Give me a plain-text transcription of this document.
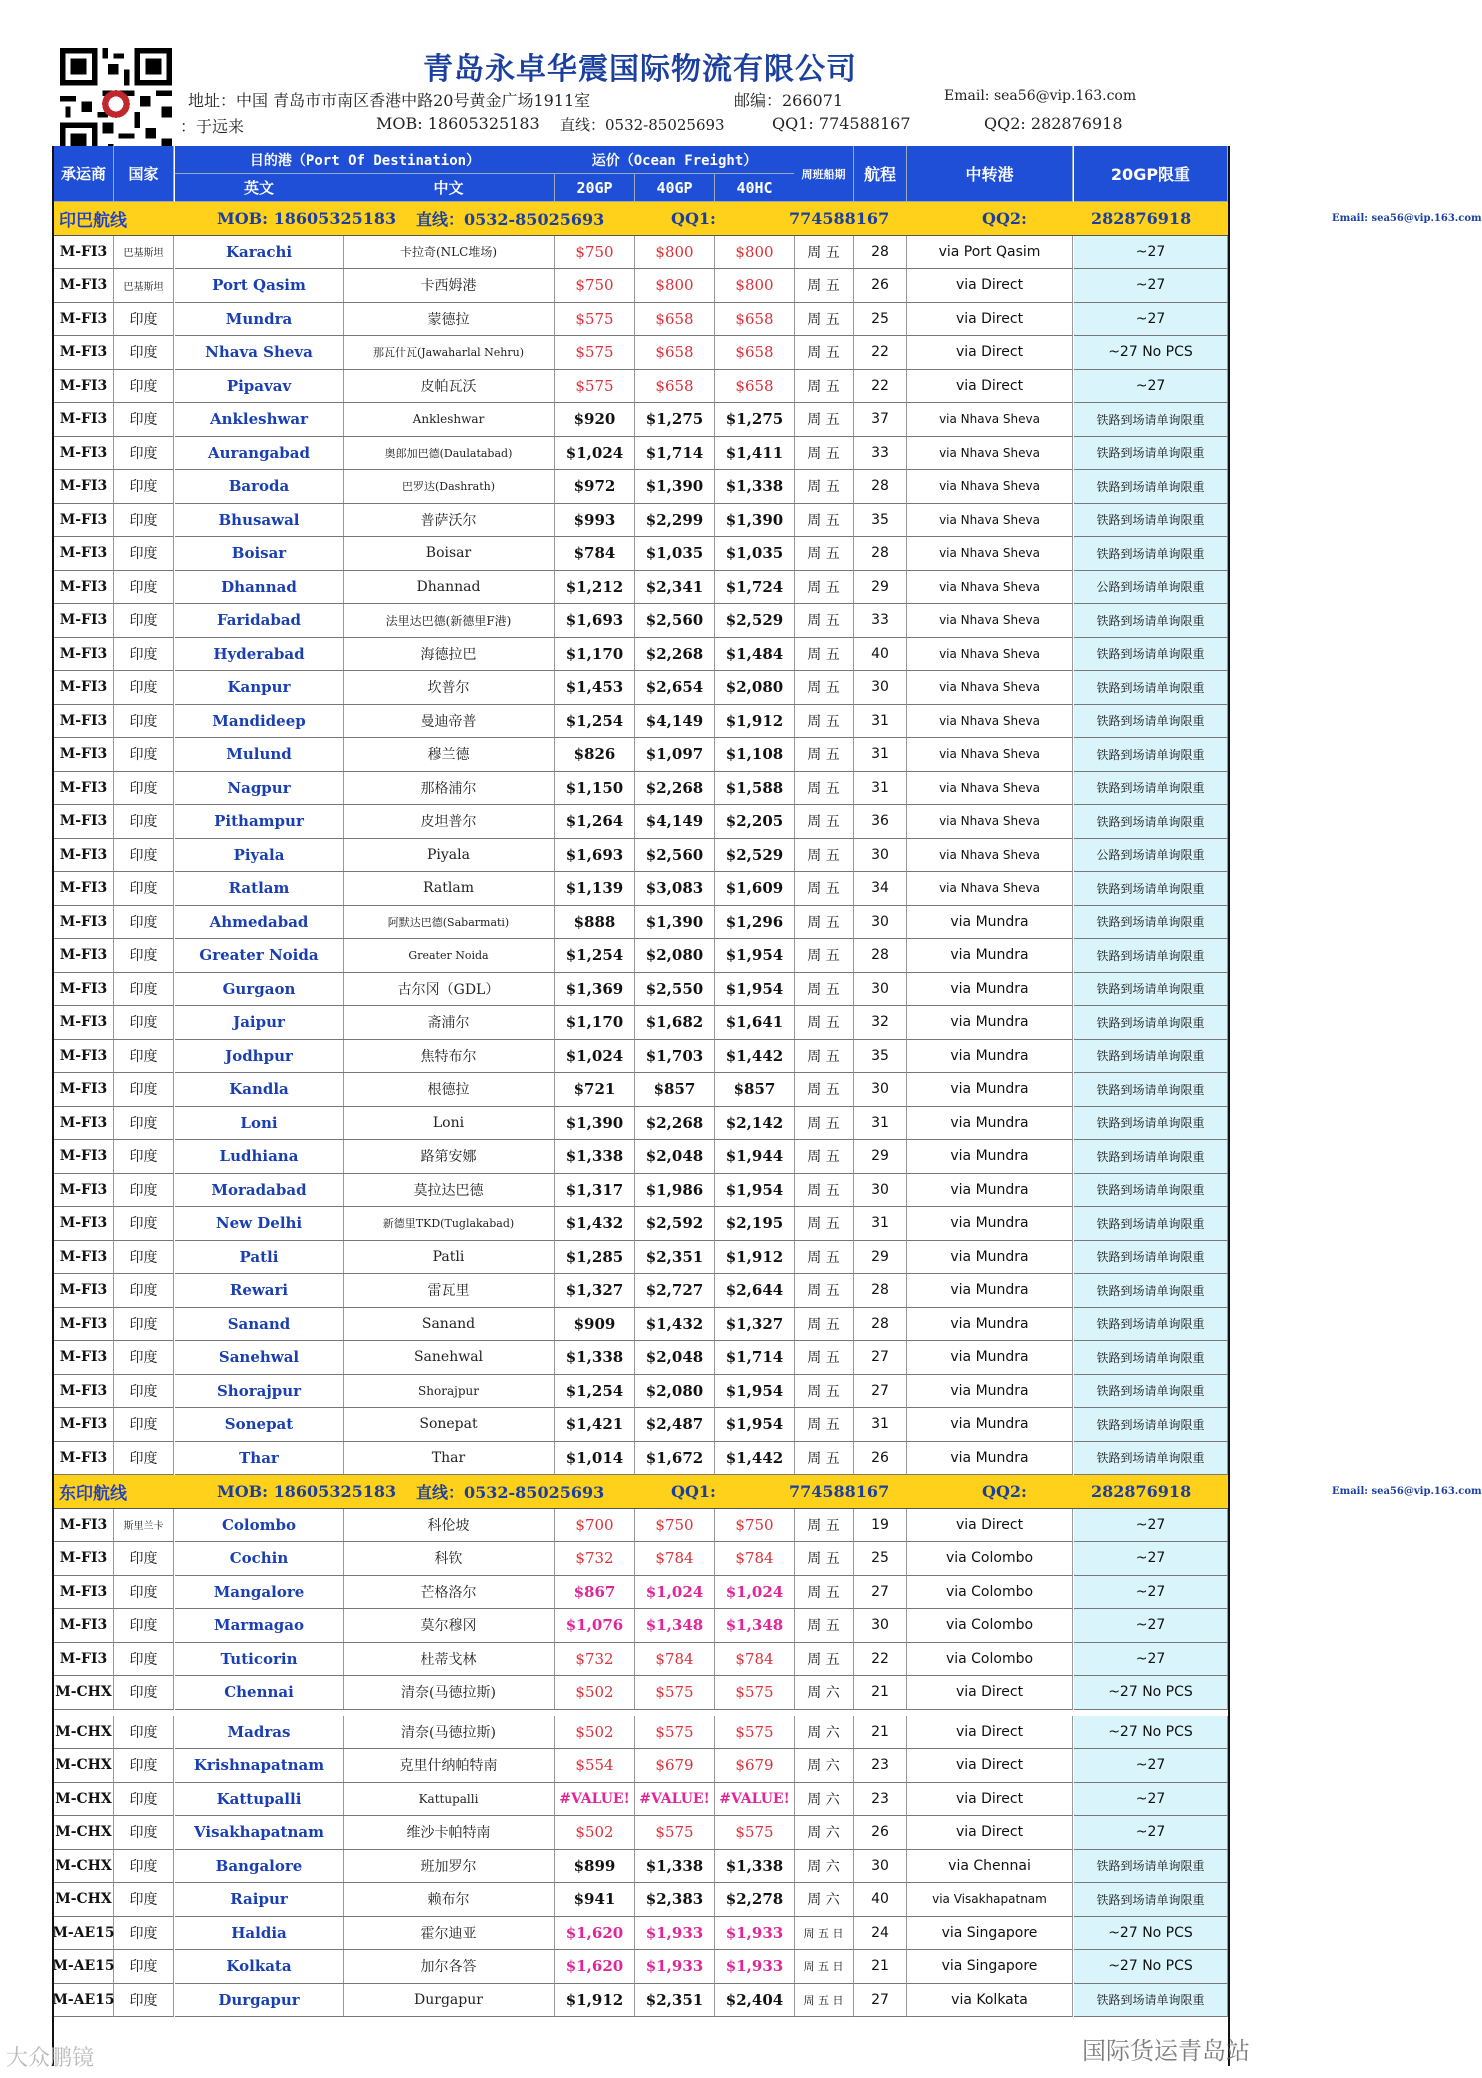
青岛永卓华震国际物流有限公司
地址：中国 青岛市市南区香港中路20号黄金广场1911室	邮编：266071	Email: sea56@vip.163.com
：于远来	MOB: 18605325183 直线：0532-85025693	QQ1: 774588167	QQ2: 282876918
承运商	国家
目的港（Port Of Destination）	运价（Ocean Freight）
英文	中文	20GP	40GP	40HC
周班船期	航程	中转港	20GP限重
印巴航线	MOB: 18605325183 直线：0532-85025693	QQ1:	774588167	QQ2:	282876918	Email: sea56@vip.163.com
M-FI3	巴基斯坦	Karachi	卡拉奇(NLC堆场)	$750	$800	$800	周 五	28	via Port Qasim	~27
M-FI3	巴基斯坦	Port Qasim	卡西姆港	$750	$800	$800	周 五	26	via Direct	~27
M-FI3	印度	Mundra	蒙德拉	$575	$658	$658	周 五	25	via Direct	~27
M-FI3	印度	Nhava Sheva	那瓦什瓦(Jawaharlal Nehru)	$575	$658	$658	周 五	22	via Direct	~27 No PCS
M-FI3	印度	Pipavav	皮帕瓦沃	$575	$658	$658	周 五	22	via Direct	~27
M-FI3	印度	Ankleshwar	Ankleshwar	$920	$1,275	$1,275	周 五	37	via Nhava Sheva	铁路到场请单询限重
M-FI3	印度	Aurangabad	奥郎加巴德(Daulatabad)	$1,024	$1,714	$1,411	周 五	33	via Nhava Sheva	铁路到场请单询限重
M-FI3	印度	Baroda	巴罗达(Dashrath)	$972	$1,390	$1,338	周 五	28	via Nhava Sheva	铁路到场请单询限重
M-FI3	印度	Bhusawal	普萨沃尔	$993	$2,299	$1,390	周 五	35	via Nhava Sheva	铁路到场请单询限重
M-FI3	印度	Boisar	Boisar	$784	$1,035	$1,035	周 五	28	via Nhava Sheva	铁路到场请单询限重
M-FI3	印度	Dhannad	Dhannad	$1,212	$2,341	$1,724	周 五	29	via Nhava Sheva	公路到场请单询限重
M-FI3	印度	Faridabad	法里达巴德(新德里F港)	$1,693	$2,560	$2,529	周 五	33	via Nhava Sheva	铁路到场请单询限重
M-FI3	印度	Hyderabad	海德拉巴	$1,170	$2,268	$1,484	周 五	40	via Nhava Sheva	铁路到场请单询限重
M-FI3	印度	Kanpur	坎普尔	$1,453	$2,654	$2,080	周 五	30	via Nhava Sheva	铁路到场请单询限重
M-FI3	印度	Mandideep	曼迪帝普	$1,254	$4,149	$1,912	周 五	31	via Nhava Sheva	铁路到场请单询限重
M-FI3	印度	Mulund	穆兰德	$826	$1,097	$1,108	周 五	31	via Nhava Sheva	铁路到场请单询限重
M-FI3	印度	Nagpur	那格浦尔	$1,150	$2,268	$1,588	周 五	31	via Nhava Sheva	铁路到场请单询限重
M-FI3	印度	Pithampur	皮坦普尔	$1,264	$4,149	$2,205	周 五	36	via Nhava Sheva	铁路到场请单询限重
M-FI3	印度	Piyala	Piyala	$1,693	$2,560	$2,529	周 五	30	via Nhava Sheva	公路到场请单询限重
M-FI3	印度	Ratlam	Ratlam	$1,139	$3,083	$1,609	周 五	34	via Nhava Sheva	铁路到场请单询限重
M-FI3	印度	Ahmedabad	阿默达巴德(Sabarmati)	$888	$1,390	$1,296	周 五	30	via Mundra	铁路到场请单询限重
M-FI3	印度	Greater Noida	Greater Noida	$1,254	$2,080	$1,954	周 五	28	via Mundra	铁路到场请单询限重
M-FI3	印度	Gurgaon	古尔冈（GDL）	$1,369	$2,550	$1,954	周 五	30	via Mundra	铁路到场请单询限重
M-FI3	印度	Jaipur	斋浦尔	$1,170	$1,682	$1,641	周 五	32	via Mundra	铁路到场请单询限重
M-FI3	印度	Jodhpur	焦特布尔	$1,024	$1,703	$1,442	周 五	35	via Mundra	铁路到场请单询限重
M-FI3	印度	Kandla	根德拉	$721	$857	$857	周 五	30	via Mundra	铁路到场请单询限重
M-FI3	印度	Loni	Loni	$1,390	$2,268	$2,142	周 五	31	via Mundra	铁路到场请单询限重
M-FI3	印度	Ludhiana	路第安娜	$1,338	$2,048	$1,944	周 五	29	via Mundra	铁路到场请单询限重
M-FI3	印度	Moradabad	莫拉达巴德	$1,317	$1,986	$1,954	周 五	30	via Mundra	铁路到场请单询限重
M-FI3	印度	New Delhi	新德里TKD(Tuglakabad)	$1,432	$2,592	$2,195	周 五	31	via Mundra	铁路到场请单询限重
M-FI3	印度	Patli	Patli	$1,285	$2,351	$1,912	周 五	29	via Mundra	铁路到场请单询限重
M-FI3	印度	Rewari	雷瓦里	$1,327	$2,727	$2,644	周 五	28	via Mundra	铁路到场请单询限重
M-FI3	印度	Sanand	Sanand	$909	$1,432	$1,327	周 五	28	via Mundra	铁路到场请单询限重
M-FI3	印度	Sanehwal	Sanehwal	$1,338	$2,048	$1,714	周 五	27	via Mundra	铁路到场请单询限重
M-FI3	印度	Shorajpur	Shorajpur	$1,254	$2,080	$1,954	周 五	27	via Mundra	铁路到场请单询限重
M-FI3	印度	Sonepat	Sonepat	$1,421	$2,487	$1,954	周 五	31	via Mundra	铁路到场请单询限重
M-FI3	印度	Thar	Thar	$1,014	$1,672	$1,442	周 五	26	via Mundra	铁路到场请单询限重
东印航线	MOB: 18605325183 直线：0532-85025693	QQ1:	774588167	QQ2:	282876918	Email: sea56@vip.163.com
M-FI3	斯里兰卡	Colombo	科伦坡	$700	$750	$750	周 五	19	via Direct	~27
M-FI3	印度	Cochin	科钦	$732	$784	$784	周 五	25	via Colombo	~27
M-FI3	印度	Mangalore	芒格洛尔	$867	$1,024	$1,024	周 五	27	via Colombo	~27
M-FI3	印度	Marmagao	莫尔穆冈	$1,076	$1,348	$1,348	周 五	30	via Colombo	~27
M-FI3	印度	Tuticorin	杜蒂戈林	$732	$784	$784	周 五	22	via Colombo	~27
M-CHX	印度	Chennai	清奈(马德拉斯)	$502	$575	$575	周 六	21	via Direct	~27 No PCS
M-CHX	印度	Madras	清奈(马德拉斯)	$502	$575	$575	周 六	21	via Direct	~27 No PCS
M-CHX	印度	Krishnapatnam	克里什纳帕特南	$554	$679	$679	周 六	23	via Direct	~27
M-CHX	印度	Kattupalli	Kattupalli	#VALUE! #VALUE! #VALUE!	周 六	23	via Direct	~27
M-CHX	印度	Visakhapatnam	维沙卡帕特南	$502	$575	$575	周 六	26	via Direct	~27
M-CHX	印度	Bangalore	班加罗尔	$899	$1,338	$1,338	周 六	30	via Chennai	铁路到场请单询限重
M-CHX	印度	Raipur	赖布尔	$941	$2,383	$2,278	周 六	40	via Visakhapatnam	铁路到场请单询限重
M-AE15	印度	Haldia	霍尔迪亚	$1,620	$1,933	$1,933	周 五 日	24	via Singapore	~27 No PCS
M-AE15	印度	Kolkata	加尔各答	$1,620	$1,933	$1,933	周 五 日	21	via Singapore	~27 No PCS
M-AE15	印度	Durgapur	Durgapur	$1,912	$2,351	$2,404	周 五 日	27	via Kolkata	铁路到场请单询限重
国际货运青岛站
大众鹏镜
